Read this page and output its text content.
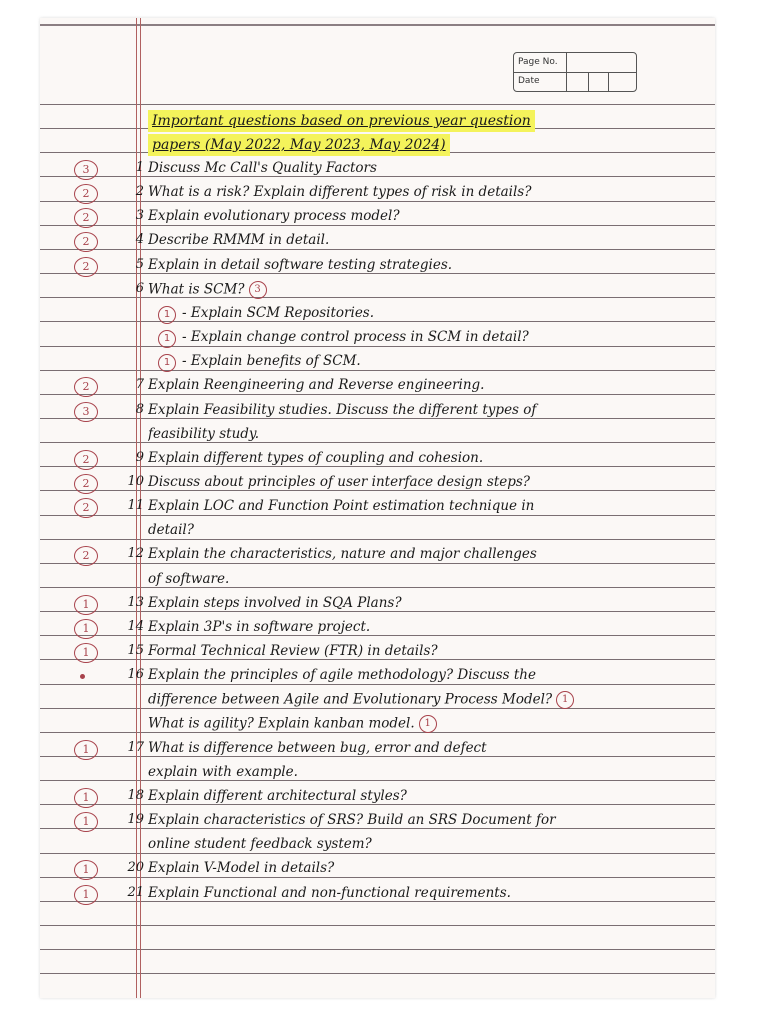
Page No.
Date
Important questions based on previous year question
papers (May 2022, May 2023, May 2024)
3	1 Discuss Mc Call's Quality Factors
2	2 What is a risk? Explain different types of risk in details?
2	3 Explain evolutionary process model?
2	4 Describe RMMM in detail.
2	5 Explain in detail software testing strategies.
6 What is SCM? 3
1 - Explain SCM Repositories.
1 - Explain change control process in SCM in detail?
1 - Explain benefits of SCM.
2	7 Explain Reengineering and Reverse engineering.
3	8 Explain Feasibility studies. Discuss the different types of
feasibility study.
2	9 Explain different types of coupling and cohesion.
2	10 Discuss about principles of user interface design steps?
2	11 Explain LOC and Function Point estimation technique in
detail?
2	12 Explain the characteristics, nature and major challenges
of software.
1	13 Explain steps involved in SQA Plans?
1	14 Explain 3P's in software project.
1	15 Formal Technical Review (FTR) in details?
16 Explain the principles of agile methodology? Discuss the
difference between Agile and Evolutionary Process Model? 1
What is agility? Explain kanban model. 1
1	17 What is difference between bug, error and defect
explain with example.
1	18 Explain different architectural styles?
1	19 Explain characteristics of SRS? Build an SRS Document for
online student feedback system?
1	20 Explain V-Model in details?
1	21 Explain Functional and non-functional requirements.
